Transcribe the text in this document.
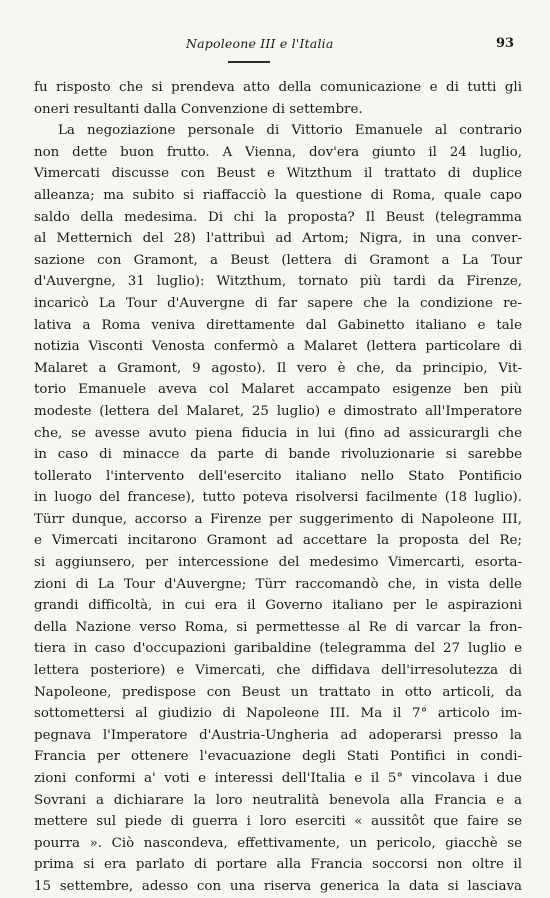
Napoleone III e l'Italia	93
fu risposto che si prendeva atto della comunicazione e di tutti gli
oneri resultanti dalla Convenzione di settembre.
La negoziazione personale di Vittorio Emanuele al contrario
non dette buon frutto. A Vienna, dov'era giunto il 24 luglio,
Vimercati discusse con Beust e Witzthum il trattato di duplice
alleanza; ma subito si riaffacciò la questione di Roma, quale capo
saldo della medesima. Di chi la proposta? Il Beust (telegramma
al Metternich del 28) l'attribuì ad Artom; Nigra, in una conver-
sazione con Gramont, a Beust (lettera di Gramont a La Tour
d'Auvergne, 31 luglio): Witzthum, tornato più tardi da Firenze,
incaricò La Tour d'Auvergne di far sapere che la condizione re-
lativa a Roma veniva direttamente dal Gabinetto italiano e tale
notizia Visconti Venosta confermò a Malaret (lettera particolare di
Malaret a Gramont, 9 agosto). Il vero è che, da principio, Vit-
torio Emanuele aveva col Malaret accampato esigenze ben più
modeste (lettera del Malaret, 25 luglio) e dimostrato all'Imperatore
che, se avesse avuto piena fiducia in lui (fino ad assicurargli che
in caso di minacce da parte di bande rivoluzionarie si sarebbe
tollerato l'intervento dell'esercito italiano nello Stato Pontificio
in luogo del francese), tutto poteva risolversi facilmente (18 luglio).
Türr dunque, accorso a Firenze per suggerimento di Napoleone III,
e Vimercati incitarono Gramont ad accettare la proposta del Re;
si aggiunsero, per intercessione del medesimo Vimercarti, esorta-
zioni di La Tour d'Auvergne; Türr raccomandò che, in vista delle
grandi difficoltà, in cui era il Governo italiano per le aspirazioni
della Nazione verso Roma, si permettesse al Re di varcar la fron-
tiera in caso d'occupazioni garibaldine (telegramma del 27 luglio e
lettera posteriore) e Vimercati, che diffidava dell'irresolutezza di
Napoleone, predispose con Beust un trattato in otto articoli, da
sottomettersi al giudizio di Napoleone III. Ma il 7° articolo im-
pegnava l'Imperatore d'Austria-Ungheria ad adoperarsi presso la
Francia per ottenere l'evacuazione degli Stati Pontifici in condi-
zioni conformi a' voti e interessi dell'Italia e il 5° vincolava i due
Sovrani a dichiarare la loro neutralità benevola alla Francia e a
mettere sul piede di guerra i loro eserciti « aussitôt que faire se
pourra ». Ciò nascondeva, effettivamente, un pericolo, giacchè se
prima si era parlato di portare alla Francia soccorsi non oltre il
15 settembre, adesso con una riserva generica la data si lasciava
